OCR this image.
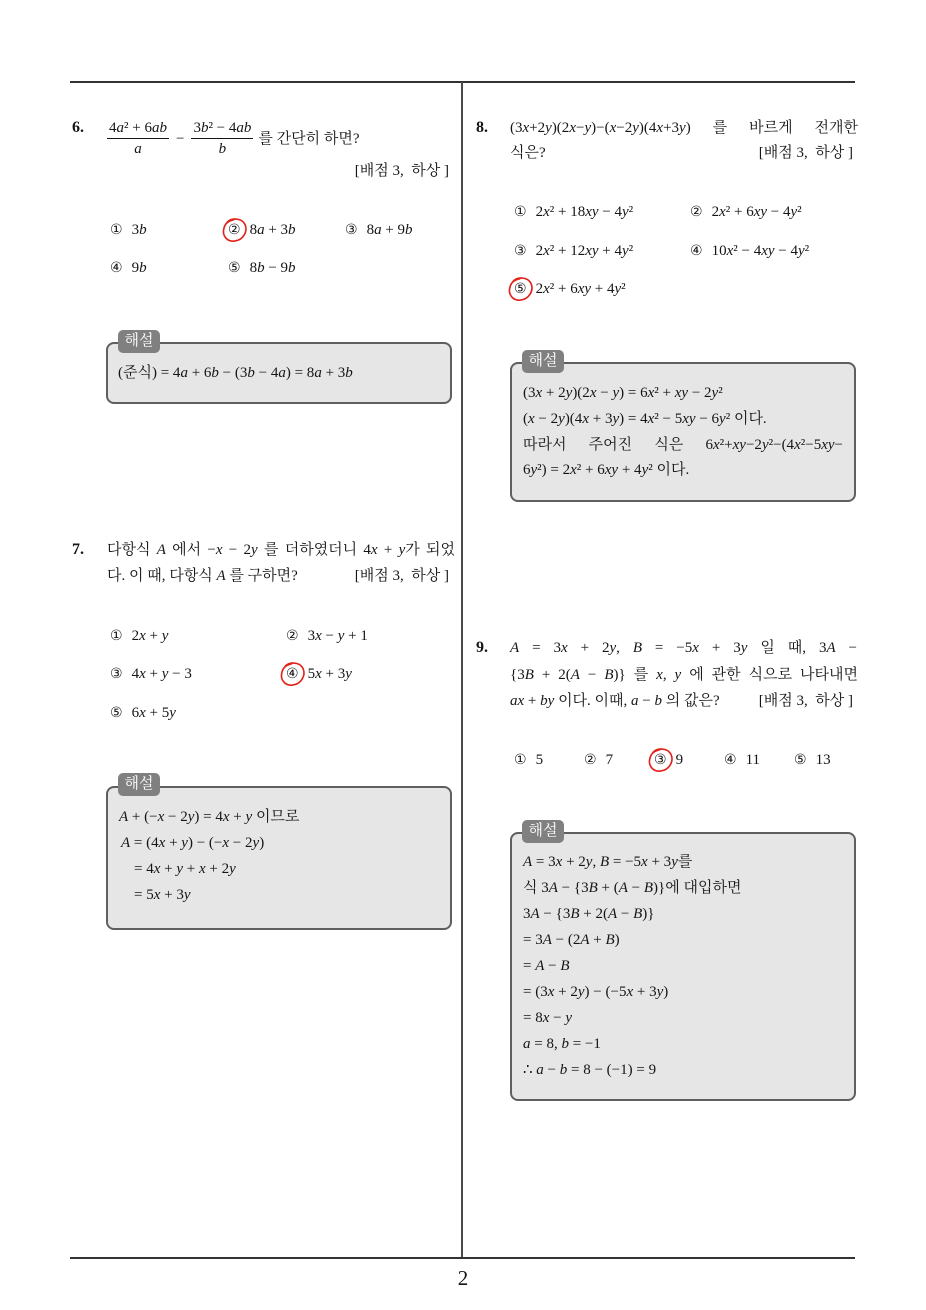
6. $\frac{\text{4a² + 6ab}}{a} - \frac{\text{3b² − 4ab}}{b}$ 를 간단히 하면?
[배점 3,  하상 ]
① 3b	② 8a + 3b	③ 8a + 9b
④ 9b	⑤ 8b − 9b
해설
(준식) = 4a + 6b − (3b − 4a) = 8a + 3b
7. 다항식 A 에서 −x − 2y 를 더하였더니 4x + y가 되었
다. 이 때, 다항식 A 를 구하면?	[배점 3,  하상 ]
① 2x + y	② 3x − y + 1
③ 4x + y − 3	④ 5x + 3y
⑤ 6x + 5y
해설
A + (−x − 2y) = 4x + y 이므로
A = (4x + y) − (−x − 2y)
= 4x + y + x + 2y
= 5x + 3y
8. (3x+2y)(2x−y)−(x−2y)(4x+3y) 를 바르게 전개한
식은?	[배점 3,  하상 ]
① 2x² + 18xy − 4y²	② 2x² + 6xy − 4y²
③ 2x² + 12xy + 4y²	④ 10x² − 4xy − 4y²
⑤ 2x² + 6xy + 4y²
해설
(3x + 2y)(2x − y) = 6x² + xy − 2y²
(x − 2y)(4x + 3y) = 4x² − 5xy − 6y² 이다.
따라서 주어진 식은 6x²+xy−2y²−(4x²−5xy−
6y²) = 2x² + 6xy + 4y² 이다.
9. A = 3x + 2y, B = −5x + 3y 일 때, 3A −
{3B + 2(A − B)} 를 x, y 에 관한 식으로 나타내면
ax + by 이다. 이때, a − b 의 값은?	[배점 3,  하상 ]
① 5	② 7	③ 9	④ 11 ⑤ 13
해설
A = 3x + 2y, B = −5x + 3y를
식 3A − {3B + (A − B)}에 대입하면
3A − {3B + 2(A − B)}
= 3A − (2A + B)
= A − B
= (3x + 2y) − (−5x + 3y)
= 8x − y
a = 8, b = −1
∴ a − b = 8 − (−1) = 9
2
